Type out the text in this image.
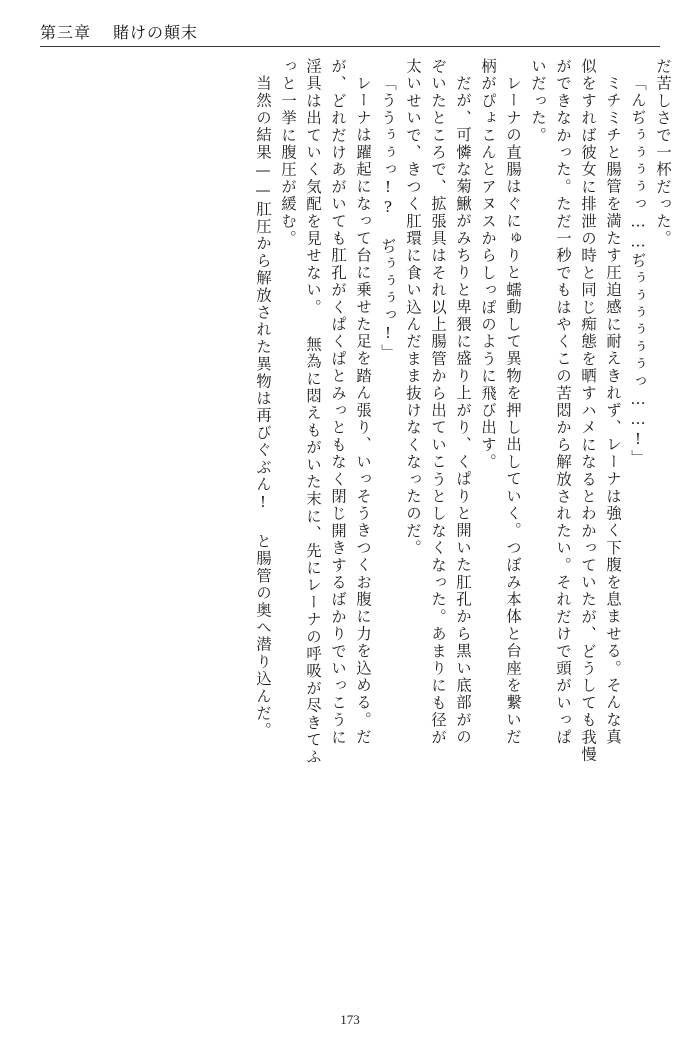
第三章 賭けの顛末
だ苦しさで一杯だった。
「んぢぅぅぅぅっ……ぢぅぅぅぅぅぅっ……!」
ミチミチと腸管を満たす圧迫感に耐えきれず、レーナは強く下腹を息ませる。そんな真
似をすれば彼女に排泄の時と同じ痴態を晒すハメになるとわかっていたが、どうしても我慢
ができなかった。ただ一秒でもはやくこの苦悶から解放されたい。それだけで頭がいっぱ
いだった。
レーナの直腸はぐにゅりと蠕動して異物を押し出していく。つぼみ本体と台座を繋いだ
柄がぴょこんとアヌスからしっぽのように飛び出す。
だが、可憐な菊鰍がみちりと卑猥に盛り上がり、くぱりと開いた肛孔から黒い底部がの
ぞいたところで、拡張具はそれ以上腸管から出ていこうとしなくなった。あまりにも径が
太いせいで、きつく肛環に食い込んだまま抜けなくなったのだ。
「ううぅぅっ!? ぢぅぅぅっ!」
レーナは躍起になって台に乗せた足を踏ん張り、いっそうきつくお腹に力を込める。だ
が、どれだけあがいても肛孔がくぱくぱとみっともなく閉じ開きするばかりでいっこうに
淫具は出ていく気配を見せない。 無為に悶えもがいた末に、先にレーナの呼吸が尽きてふ
っと一挙に腹圧が緩む。
当然の結果——肛圧から解放された異物は再びぐぶん! と腸管の奥へ潜り込んだ。
173
